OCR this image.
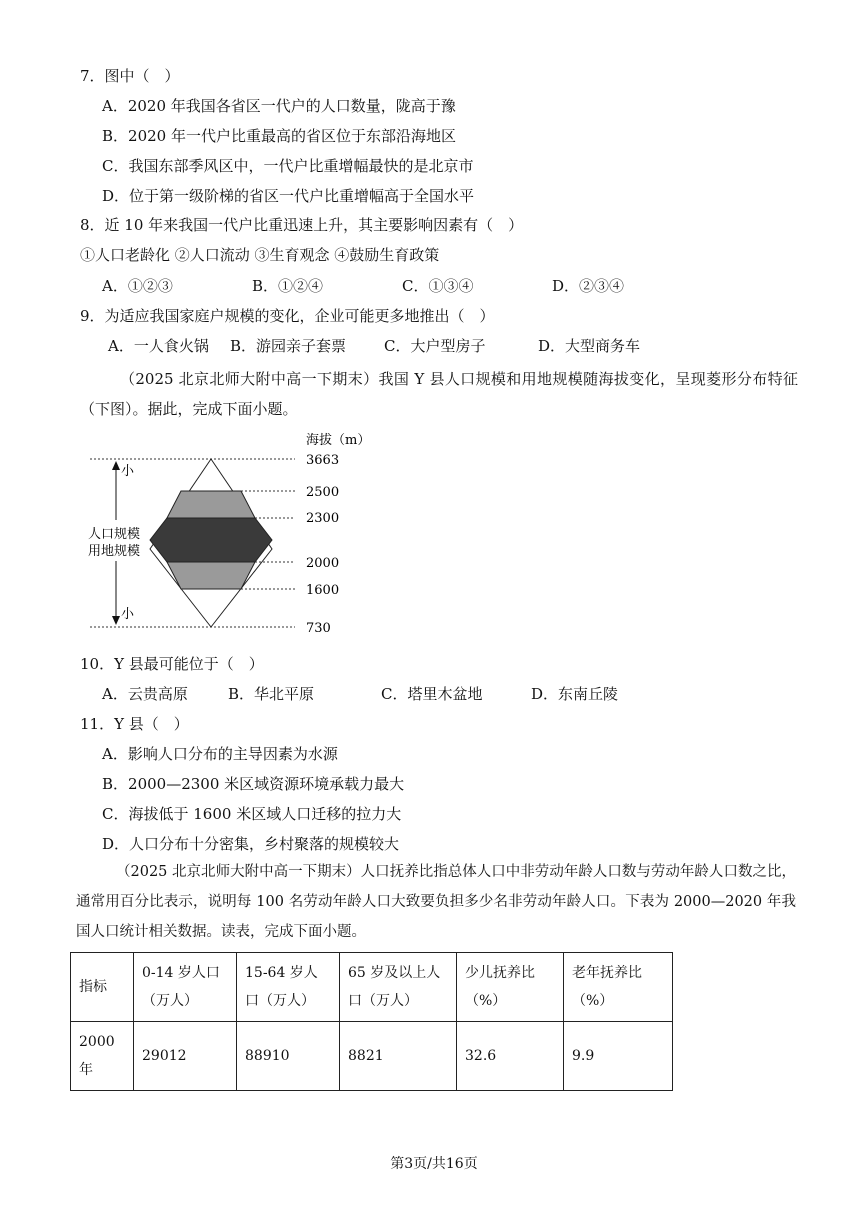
7．图中（　）
A．2020 年我国各省区一代户的人口数量，陇高于豫
B．2020 年一代户比重最高的省区位于东部沿海地区
C．我国东部季风区中，一代户比重增幅最快的是北京市
D．位于第一级阶梯的省区一代户比重增幅高于全国水平
8．近 10 年来我国一代户比重迅速上升，其主要影响因素有（　）
①人口老龄化 ②人口流动 ③生育观念 ④鼓励生育政策
A．①②③	B．①②④	C．①③④	D．②③④
9．为适应我国家庭户规模的变化，企业可能更多地推出（　）
A．一人食火锅 B．游园亲子套票	C．大户型房子	D．大型商务车
（2025 北京北师大附中高一下期末）我国 Y 县人口规模和用地规模随海拔变化，呈现菱形分布特征（下图）。据此，完成下面小题。
海拔（m）
3663
2500
2300
2000
1600
730
小
小
人口规模
用地规模
10．Y 县最可能位于（　）
A．云贵高原	B．华北平原	C．塔里木盆地	D．东南丘陵
11．Y 县（　）
A．影响人口分布的主导因素为水源
B．2000—2300 米区域资源环境承载力最大
C．海拔低于 1600 米区域人口迁移的拉力大
D．人口分布十分密集，乡村聚落的规模较大
（2025 北京北师大附中高一下期末）人口抚养比指总体人口中非劳动年龄人口数与劳动年龄人口数之比，通常用百分比表示，说明每 100 名劳动年龄人口大致要负担多少名非劳动年龄人口。下表为 2000—2020 年我国人口统计相关数据。读表，完成下面小题。
指标	0-14 岁人口（万人）	15-64 岁人口（万人）	65 岁及以上人口（万人）	少儿抚养比（%）	老年抚养比（%）
2000 年	29012	88910	8821	32.6	9.9
第3页/共16页
